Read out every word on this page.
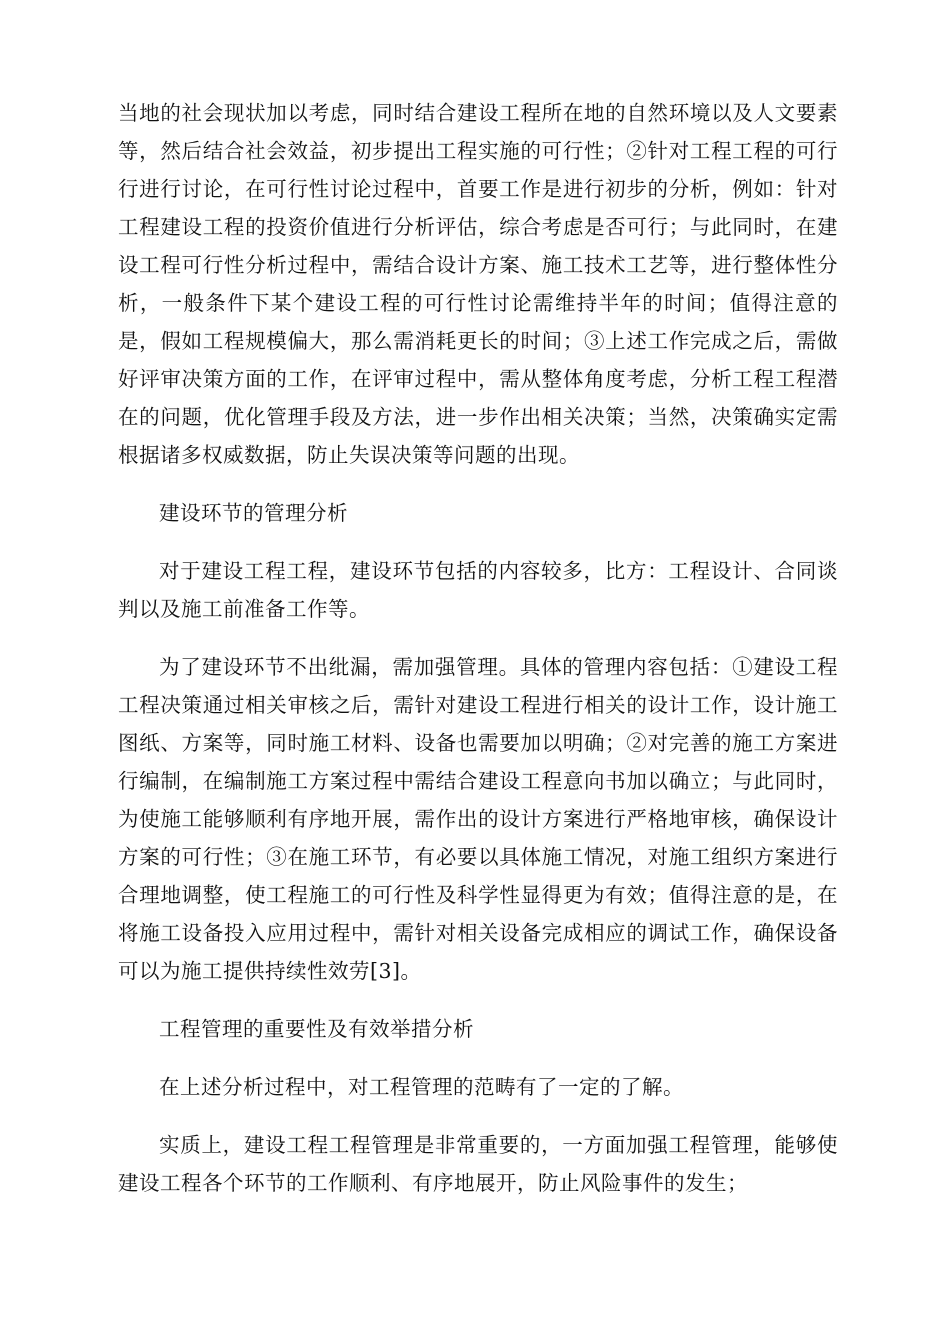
当地的社会现状加以考虑，同时结合建设工程所在地的自然环境以及人文要素等，然后结合社会效益，初步提出工程实施的可行性；②针对工程工程的可行行进行讨论，在可行性讨论过程中，首要工作是进行初步的分析，例如：针对工程建设工程的投资价值进行分析评估，综合考虑是否可行；与此同时，在建设工程可行性分析过程中，需结合设计方案、施工技术工艺等，进行整体性分析，一般条件下某个建设工程的可行性讨论需维持半年的时间；值得注意的是，假如工程规模偏大，那么需消耗更长的时间；③上述工作完成之后，需做好评审决策方面的工作，在评审过程中，需从整体角度考虑，分析工程工程潜在的问题，优化管理手段及方法，进一步作出相关决策；当然，决策确实定需根据诸多权威数据，防止失误决策等问题的出现。

建设环节的管理分析

对于建设工程工程，建设环节包括的内容较多，比方：工程设计、合同谈判以及施工前准备工作等。

为了建设环节不出纰漏，需加强管理。具体的管理内容包括：①建设工程工程决策通过相关审核之后，需针对建设工程进行相关的设计工作，设计施工图纸、方案等，同时施工材料、设备也需要加以明确；②对完善的施工方案进行编制，在编制施工方案过程中需结合建设工程意向书加以确立；与此同时，为使施工能够顺利有序地开展，需作出的设计方案进行严格地审核，确保设计方案的可行性；③在施工环节，有必要以具体施工情况，对施工组织方案进行合理地调整，使工程施工的可行性及科学性显得更为有效；值得注意的是，在将施工设备投入应用过程中，需针对相关设备完成相应的调试工作，确保设备可以为施工提供持续性效劳[3]。

工程管理的重要性及有效举措分析

在上述分析过程中，对工程管理的范畴有了一定的了解。

实质上，建设工程工程管理是非常重要的，一方面加强工程管理，能够使建设工程各个环节的工作顺利、有序地展开，防止风险事件的发生；
